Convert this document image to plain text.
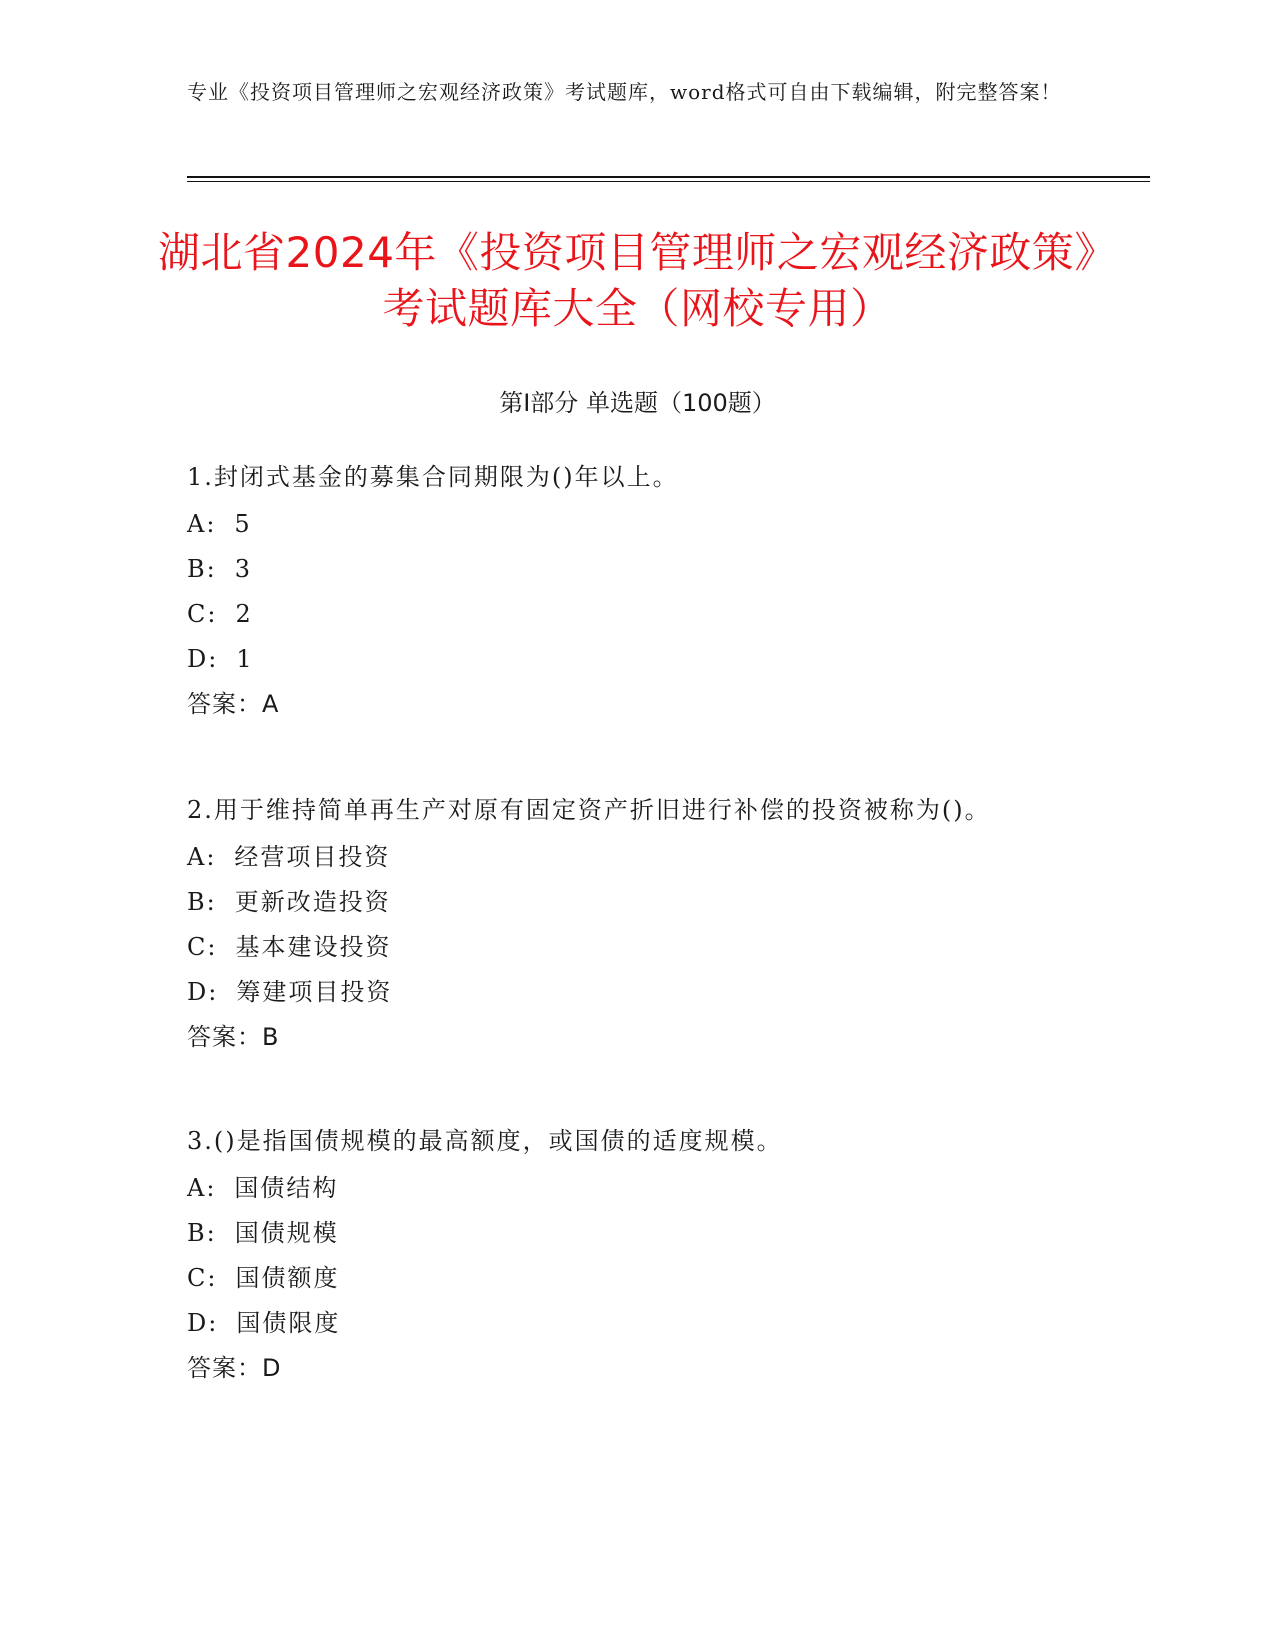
专业《投资项目管理师之宏观经济政策》考试题库，word格式可自由下载编辑，附完整答案！
湖北省2024年《投资项目管理师之宏观经济政策》考试题库大全（网校专用）
第I部分 单选题（100题）
1.封闭式基金的募集合同期限为()年以上。
A: 5
B: 3
C: 2
D: 1
答案：A
2.用于维持简单再生产对原有固定资产折旧进行补偿的投资被称为()。
A: 经营项目投资
B: 更新改造投资
C: 基本建设投资
D: 筹建项目投资
答案：B
3.()是指国债规模的最高额度，或国债的适度规模。
A: 国债结构
B: 国债规模
C: 国债额度
D: 国债限度
答案：D
